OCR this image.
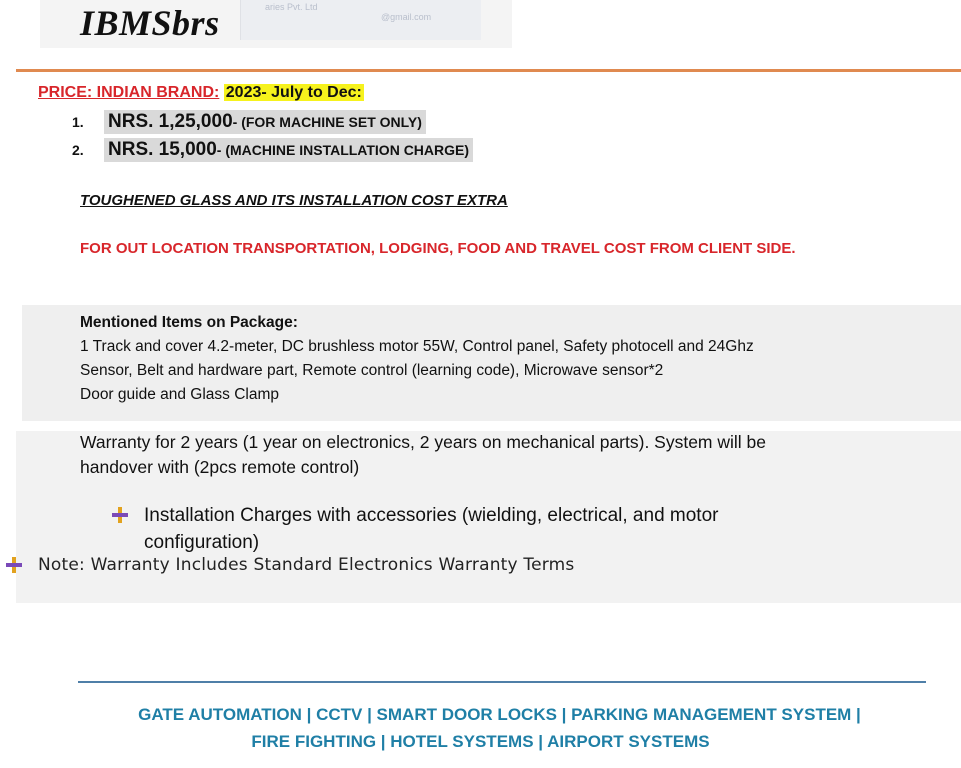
aries Pvt. Ltd
@gmail.com
IBMSbrs
PRICE: INDIAN BRAND: 2023- July to Dec:
1.	NRS. 1,25,000- (FOR MACHINE SET ONLY)
2.	NRS. 15,000- (MACHINE INSTALLATION CHARGE)
TOUGHENED GLASS AND ITS INSTALLATION COST EXTRA
FOR OUT LOCATION TRANSPORTATION, LODGING, FOOD AND TRAVEL COST FROM CLIENT SIDE.
Mentioned Items on Package:
1 Track and cover 4.2-meter, DC brushless motor 55W, Control panel, Safety photocell and 24Ghz
Sensor, Belt and hardware part, Remote control (learning code), Microwave sensor*2
Door guide and Glass Clamp
Warranty for 2 years (1 year on electronics, 2 years on mechanical parts). System will be
handover with (2pcs remote control)
Installation Charges with accessories (wielding, electrical, and motor configuration)
Note: Warranty Includes Standard Electronics Warranty Terms
GATE AUTOMATION | CCTV | SMART DOOR LOCKS | PARKING MANAGEMENT SYSTEM |
FIRE FIGHTING | HOTEL SYSTEMS | AIRPORT SYSTEMS
